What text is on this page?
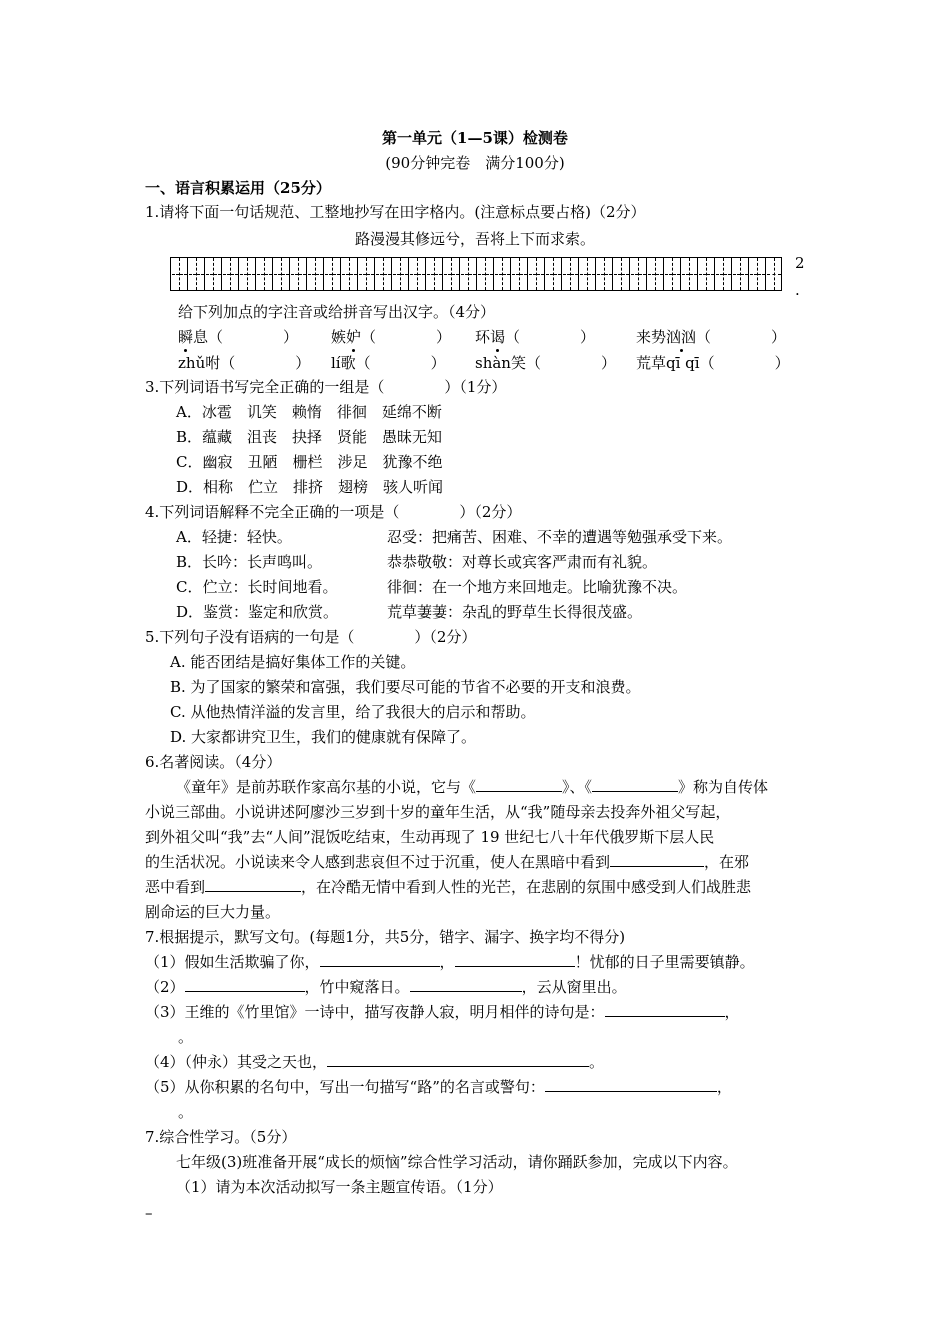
第一单元（1—5课）检测卷
(90分钟完卷　满分100分)
一、语言积累运用（25分）
1.请将下面一句话规范、工整地抄写在田字格内。(注意标点要占格)（2分）
路漫漫其修远兮，吾将上下而求索。
2
.
给下列加点的字注音或给拼音写出汉字。（4分）
瞬息（　　　　） 嫉妒（　　　　） 环谒（　　　　）	来势汹汹（　　　　）
zhǔ咐（　　　　） lí歌（　　　　） shàn笑（　　　　） 荒草qī qī（　　　　）
3.下列词语书写完全正确的一组是（　　　　）（1分）
A．冰雹　讥笑　赖惰　徘徊　延绵不断
B．蕴藏　沮丧　抉择　贤能　愚昧无知
C．幽寂　丑陋　栅栏　涉足　犹豫不绝
D．相称　伫立　排挤　翅榜　骇人听闻
4.下列词语解释不完全正确的一项是（　　　　）（2分）
A．轻捷：轻快。	忍受：把痛苦、困难、不幸的遭遇等勉强承受下来。
B．长吟：长声鸣叫。	恭恭敬敬：对尊长或宾客严肃而有礼貌。
C．伫立：长时间地看。	徘徊：在一个地方来回地走。比喻犹豫不决。
D．鉴赏：鉴定和欣赏。	荒草萋萋：杂乱的野草生长得很茂盛。
5.下列句子没有语病的一句是（　　　　）（2分）
A. 能否团结是搞好集体工作的关键。
B. 为了国家的繁荣和富强，我们要尽可能的节省不必要的开支和浪费。
C. 从他热情洋溢的发言里，给了我很大的启示和帮助。
D. 大家都讲究卫生，我们的健康就有保障了。
6.名著阅读。（4分）
《童年》是前苏联作家高尔基的小说，它与《	》、《	》称为自传体
小说三部曲。小说讲述阿廖沙三岁到十岁的童年生活，从“我”随母亲去投奔外祖父写起，
到外祖父叫“我”去“人间”混饭吃结束，生动再现了 19 世纪七八十年代俄罗斯下层人民
的生活状况。小说读来令人感到悲哀但不过于沉重，使人在黑暗中看到	，在邪
恶中看到	，在冷酷无情中看到人性的光芒，在悲剧的氛围中感受到人们战胜悲
剧命运的巨大力量。
7.根据提示，默写文句。(每题1分，共5分，错字、漏字、换字均不得分)
（1）假如生活欺骗了你，	，	！忧郁的日子里需要镇静。
（2）	，竹中窥落日。	，云从窗里出。
（3）王维的《竹里馆》一诗中，描写夜静人寂，明月相伴的诗句是：	，
。
（4）（仲永）其受之天也，	。
（5）从你积累的名句中，写出一句描写“路”的名言或警句：	，
。
7.综合性学习。（5分）
七年级(3)班准备开展“成长的烦恼”综合性学习活动，请你踊跃参加，完成以下内容。
（1）请为本次活动拟写一条主题宣传语。（1分）
–
